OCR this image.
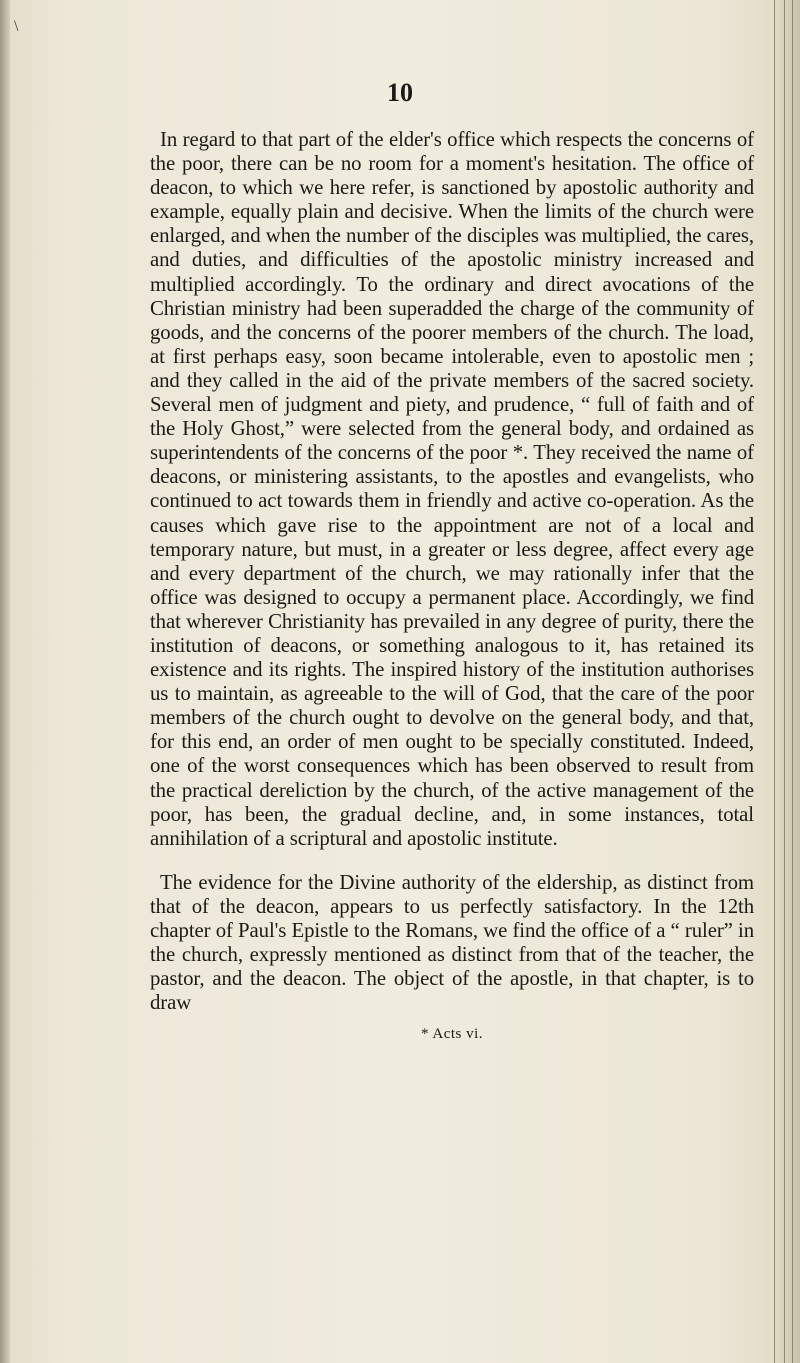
\
10

In regard to that part of the elder's office which respects the concerns of the poor, there can be no room for a moment's hesitation. The office of deacon, to which we here refer, is sanctioned by apostolic authority and example, equally plain and decisive. When the limits of the church were enlarged, and when the number of the disciples was multiplied, the cares, and duties, and difficulties of the apostolic ministry increased and multiplied accordingly. To the ordinary and direct avocations of the Christian ministry had been superadded the charge of the community of goods, and the concerns of the poorer members of the church. The load, at first perhaps easy, soon became intolerable, even to apostolic men ; and they called in the aid of the private members of the sacred society. Several men of judgment and piety, and prudence, “ full of faith and of the Holy Ghost,” were selected from the general body, and ordained as superintendents of the concerns of the poor *. They received the name of deacons, or ministering assistants, to the apostles and evangelists, who continued to act towards them in friendly and active co-operation. As the causes which gave rise to the appointment are not of a local and temporary nature, but must, in a greater or less degree, affect every age and every department of the church, we may rationally infer that the office was designed to occupy a permanent place. Accordingly, we find that wherever Christianity has prevailed in any degree of purity, there the institution of deacons, or something analogous to it, has retained its existence and its rights. The inspired history of the institution authorises us to maintain, as agreeable to the will of God, that the care of the poor members of the church ought to devolve on the general body, and that, for this end, an order of men ought to be specially constituted. Indeed, one of the worst consequences which has been observed to result from the practical dereliction by the church, of the active management of the poor, has been, the gradual decline, and, in some instances, total annihilation of a scriptural and apostolic institute.

The evidence for the Divine authority of the eldership, as distinct from that of the deacon, appears to us perfectly satisfactory. In the 12th chapter of Paul's Epistle to the Romans, we find the office of a “ ruler” in the church, expressly mentioned as distinct from that of the teacher, the pastor, and the deacon. The object of the apostle, in that chapter, is to draw

* Acts vi.
